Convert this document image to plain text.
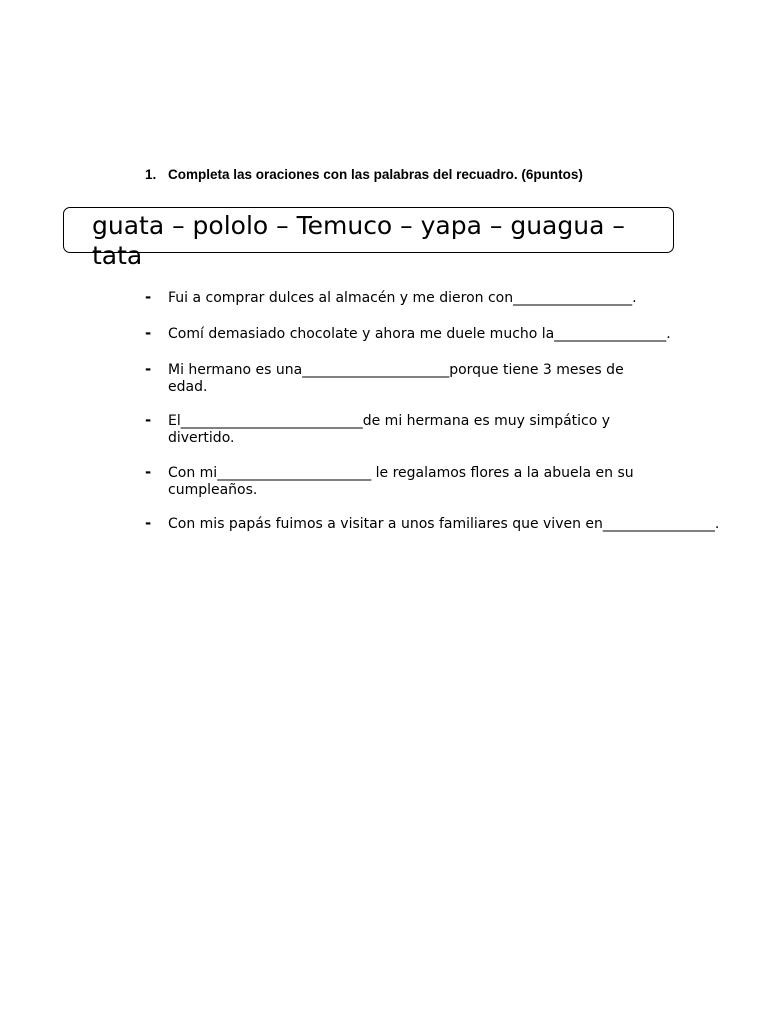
1. Completa las oraciones con las palabras del recuadro. (6puntos)
guata – pololo – Temuco – yapa – guagua – tata
- Fui a comprar dulces al almacén y me dieron con_________________.
- Comí demasiado chocolate y ahora me duele mucho la________________.
- Mi hermano es una_____________________porque tiene 3 meses de edad.
- El__________________________de mi hermana es muy simpático y divertido.
- Con mi______________________ le regalamos flores a la abuela en su cumpleaños.
- Con mis papás fuimos a visitar a unos familiares que viven en________________.
